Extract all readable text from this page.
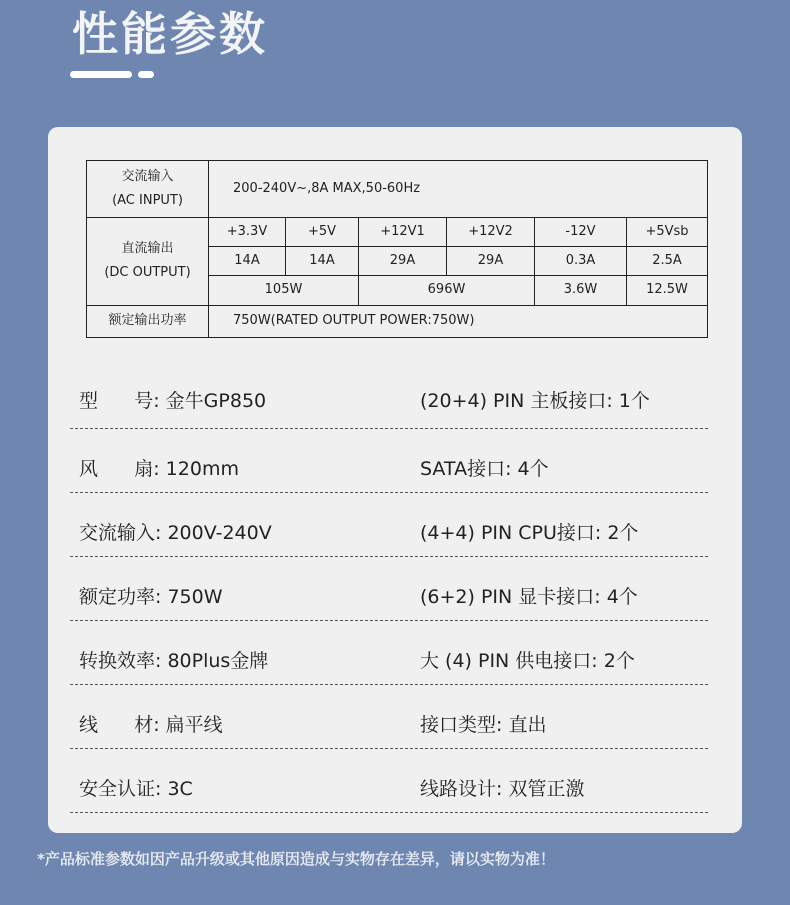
性能参数
交流输入
(AC INPUT)	200-240V~,8A MAX,50-60Hz					

直流输出
(DC OUTPUT)	+3.3V	+5V	+12V1	+12V2	-12V	+5Vsb
	14A	14A	29A	29A	0.3A	2.5A
	105W		696W		3.6W	12.5W
额定输出功率	750W(RATED OUTPUT POWER:750W)					
型      号: 金牛GP850	(20+4) PIN 主板接口: 1个
风      扇: 120mm	SATA接口: 4个
交流输入: 200V-240V	(4+4) PIN CPU接口: 2个
额定功率: 750W	(6+2) PIN 显卡接口: 4个
转换效率: 80Plus金牌	大 (4) PIN 供电接口: 2个
线      材: 扁平线	接口类型: 直出
安全认证: 3C	线路设计: 双管正激
*产品标准参数如因产品升级或其他原因造成与实物存在差异，请以实物为准！
